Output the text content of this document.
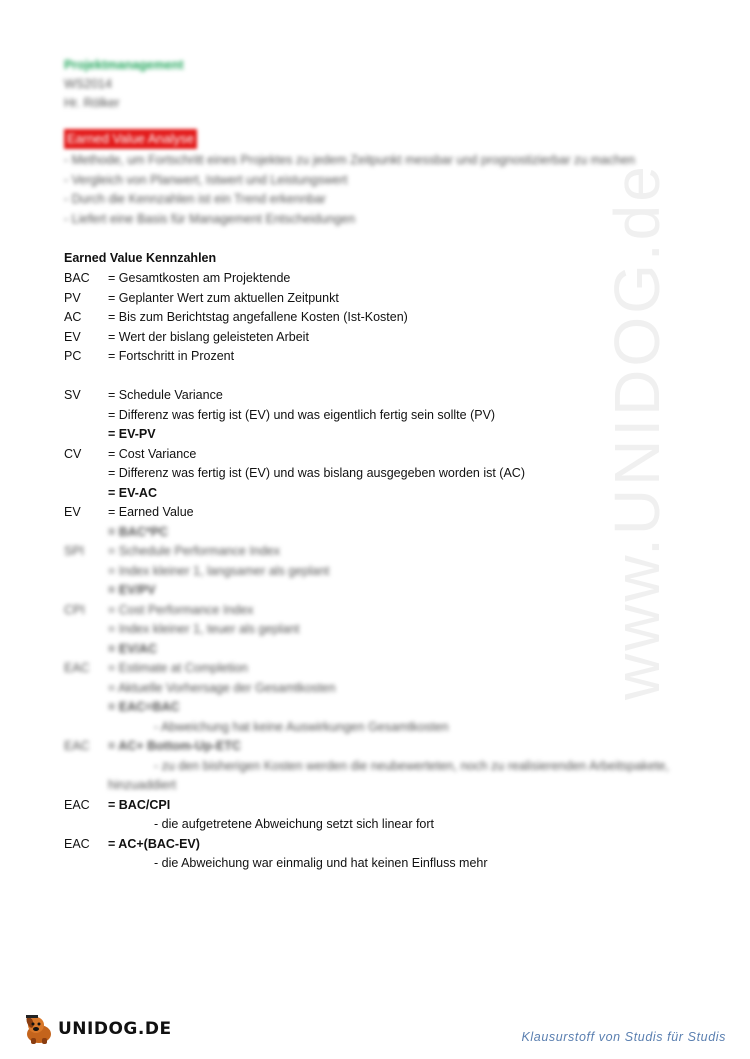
www.UNIDOG.de
Projektmanagement
WS2014
Hr. Rölker
Earned Value Analyse
- Methode, um Fortschritt eines Projektes zu jedem Zeitpunkt messbar und prognostizierbar zu machen
- Vergleich von Planwert, Istwert und Leistungswert
- Durch die Kennzahlen ist ein Trend erkennbar
- Liefert eine Basis für Management Entscheidungen
Earned Value Kennzahlen
BAC	= Gesamtkosten am Projektende
PV	= Geplanter Wert zum aktuellen Zeitpunkt
AC	= Bis zum Berichtstag angefallene Kosten (Ist-Kosten)
EV	= Wert der bislang geleisteten Arbeit
PC	= Fortschritt in Prozent
SV	= Schedule Variance
= Differenz was fertig ist (EV) und was eigentlich fertig sein sollte (PV)
= EV-PV
CV	= Cost Variance
= Differenz was fertig ist (EV) und was bislang ausgegeben worden ist (AC)
= EV-AC
EV	= Earned Value
= BAC*PC
SPI	= Schedule Performance Index
= Index kleiner 1, langsamer als geplant
= EV/PV
CPI	= Cost Performance Index
= Index kleiner 1, teuer als geplant
= EV/AC
EAC	= Estimate at Completion
= Aktuelle Vorhersage der Gesamtkosten
= EAC=BAC
- Abweichung hat keine Auswirkungen Gesamtkosten
EAC	= AC+ Bottom-Up-ETC
- zu den bisherigen Kosten werden die neubewerteten, noch zu realisierenden Arbeitspakete,
hinzuaddiert
EAC	= BAC/CPI
- die aufgetretene Abweichung setzt sich linear fort
EAC	= AC+(BAC-EV)
- die Abweichung war einmalig und hat keinen Einfluss mehr
UNIDOG.DE	Klausurstoff von Studis für Studis
